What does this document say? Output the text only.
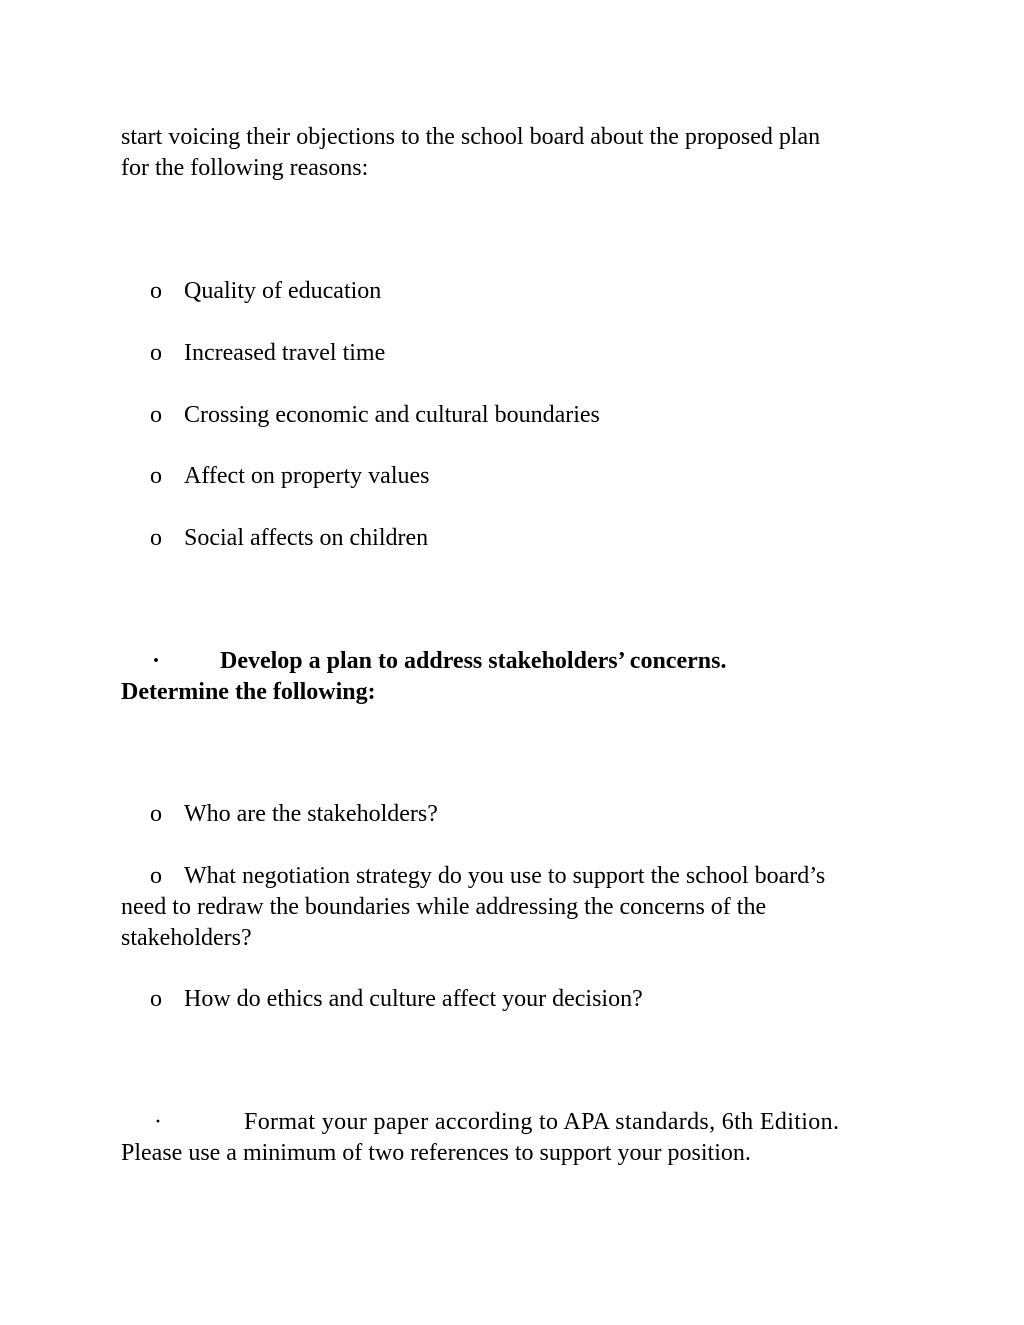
start voicing their objections to the school board about the proposed plan
for the following reasons:
o Quality of education
o Increased travel time
o Crossing economic and cultural boundaries
o Affect on property values
o Social affects on children
· Develop a plan to address stakeholders’ concerns.
Determine the following:
o Who are the stakeholders?
o What negotiation strategy do you use to support the school board’s
need to redraw the boundaries while addressing the concerns of the
stakeholders?
o How do ethics and culture affect your decision?
·	Format your paper according to APA standards, 6th Edition.
Please use a minimum of two references to support your position.
